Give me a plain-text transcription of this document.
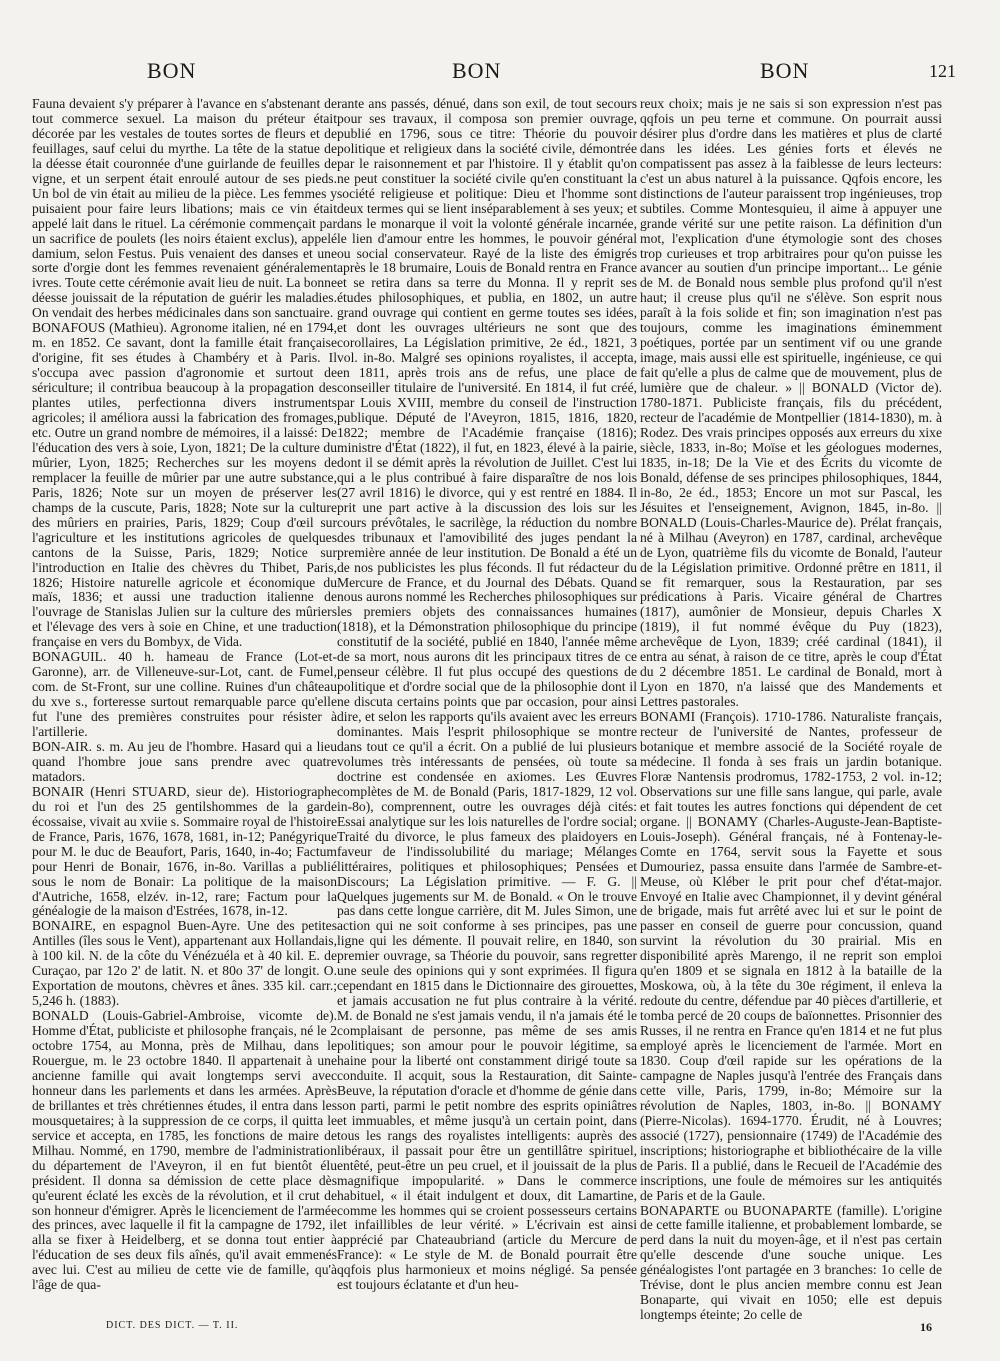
BON	BON	BON	121

Fauna devaient s'y préparer à l'avance en s'abstenant de tout commerce sexuel. La maison du préteur était décorée par les vestales de toutes sortes de fleurs et de feuillages, sauf celui du myrthe. La tête de la statue de la déesse était couronnée d'une guirlande de feuilles de vigne, et un serpent était enroulé autour de ses pieds. Un bol de vin était au milieu de la pièce. Les femmes y puisaient pour faire leurs libations; mais ce vin était appelé lait dans le rituel. La cérémonie commençait par un sacrifice de poulets (les noirs étaient exclus), appelé damium, selon Festus. Puis venaient des danses et une sorte d'orgie dont les femmes revenaient généralement ivres. Toute cette cérémonie avait lieu de nuit. La bonne déesse jouissait de la réputation de guérir les maladies. On vendait des herbes médicinales dans son sanctuaire.

BONAFOUS (Mathieu). Agronome italien, né en 1794, m. en 1852. Ce savant, dont la famille était française d'origine, fit ses études à Chambéry et à Paris. Il s'occupa avec passion d'agronomie et surtout de sériculture; il contribua beaucoup à la propagation des plantes utiles, perfectionna divers instruments agricoles; il améliora aussi la fabrication des fromages, etc. Outre un grand nombre de mémoires, il a laissé: De l'éducation des vers à soie, Lyon, 1821; De la culture du mûrier, Lyon, 1825; Recherches sur les moyens de remplacer la feuille de mûrier par une autre substance, Paris, 1826; Note sur un moyen de préserver les champs de la cuscute, Paris, 1828; Note sur la culture des mûriers en prairies, Paris, 1829; Coup d'œil sur l'agriculture et les institutions agricoles de quelques cantons de la Suisse, Paris, 1829; Notice sur l'introduction en Italie des chèvres du Thibet, Paris, 1826; Histoire naturelle agricole et économique du maïs, 1836; et aussi une traduction italienne de l'ouvrage de Stanislas Julien sur la culture des mûriers et l'élevage des vers à soie en Chine, et une traduction française en vers du Bombyx, de Vida.

BONAGUIL. 40 h. hameau de France (Lot-et-Garonne), arr. de Villeneuve-sur-Lot, cant. de Fumel, com. de St-Front, sur une colline. Ruines d'un château du xve s., forteresse surtout remarquable parce qu'elle fut l'une des premières construites pour résister à l'artillerie.

BON-AIR. s. m. Au jeu de l'hombre. Hasard qui a lieu quand l'hombre joue sans prendre avec quatre matadors.

BONAIR (Henri STUARD, sieur de). Historiographe du roi et l'un des 25 gentilshommes de la garde écossaise, vivait au xviie s. Sommaire royal de l'histoire de France, Paris, 1676, 1678, 1681, in-12; Panégyrique pour M. le duc de Beaufort, Paris, 1640, in-4o; Factum pour Henri de Bonair, 1676, in-8o. Varillas a publié sous le nom de Bonair: La politique de la maison d'Autriche, 1658, elzév. in-12, rare; Factum pour la généalogie de la maison d'Estrées, 1678, in-12.

BONAIRE, en espagnol Buen-Ayre. Une des petites Antilles (îles sous le Vent), appartenant aux Hollandais, à 100 kil. N. de la côte du Vénézuéla et à 40 kil. E. de Curaçao, par 12o 2' de latit. N. et 80o 37' de longit. O. Exportation de moutons, chèvres et ânes. 335 kil. carr.; 5,246 h. (1883).

BONALD (Louis-Gabriel-Ambroise, vicomte de). Homme d'État, publiciste et philosophe français, né le 2 octobre 1754, au Monna, près de Milhau, dans le Rouergue, m. le 23 octobre 1840. Il appartenait à une ancienne famille qui avait longtemps servi avec honneur dans les parlements et dans les armées. Après de brillantes et très chrétiennes études, il entra dans les mousquetaires; à la suppression de ce corps, il quitta le service et accepta, en 1785, les fonctions de maire de Milhau. Nommé, en 1790, membre de l'administration du département de l'Aveyron, il en fut bientôt élu président. Il donna sa démission de cette place dès qu'eurent éclaté les excès de la révolution, et il crut de son honneur d'émigrer. Après le licenciement de l'armée des princes, avec laquelle il fit la campagne de 1792, il alla se fixer à Heidelberg, et se donna tout entier à l'éducation de ses deux fils aînés, qu'il avait emmenés avec lui. C'est au milieu de cette vie de famille, qu'à l'âge de qua-

rante ans passés, dénué, dans son exil, de tout secours pour ses travaux, il composa son premier ouvrage, publié en 1796, sous ce titre: Théorie du pouvoir politique et religieux dans la société civile, démontrée par le raisonnement et par l'histoire. Il y établit qu'on ne peut constituer la société civile qu'en constituant la société religieuse et politique: Dieu et l'homme sont deux termes qui se lient inséparablement à ses yeux; et dans le monarque il voit la volonté générale incarnée, le lien d'amour entre les hommes, le pouvoir général ou social conservateur. Rayé de la liste des émigrés après le 18 brumaire, Louis de Bonald rentra en France et se retira dans sa terre du Monna. Il y reprit ses études philosophiques, et publia, en 1802, un autre grand ouvrage qui contient en germe toutes ses idées, et dont les ouvrages ultérieurs ne sont que des corollaires, La Législation primitive, 2e éd., 1821, 3 vol. in-8o. Malgré ses opinions royalistes, il accepta, en 1811, après trois ans de refus, une place de conseiller titulaire de l'université. En 1814, il fut créé, par Louis XVIII, membre du conseil de l'instruction publique. Député de l'Aveyron, 1815, 1816, 1820, 1822; membre de l'Académie française (1816); ministre d'État (1822), il fut, en 1823, élevé à la pairie, dont il se démit après la révolution de Juillet. C'est lui qui a le plus contribué à faire disparaître de nos lois (27 avril 1816) le divorce, qui y est rentré en 1884. Il prit une part active à la discussion des lois sur les cours prévôtales, le sacrilège, la réduction du nombre des tribunaux et l'amovibilité des juges pendant la première année de leur institution. De Bonald a été un de nos publicistes les plus féconds. Il fut rédacteur du Mercure de France, et du Journal des Débats. Quand nous aurons nommé les Recherches philosophiques sur les premiers objets des connaissances humaines (1818), et la Démonstration philosophique du principe constitutif de la société, publié en 1840, l'année même de sa mort, nous aurons dit les principaux titres de ce penseur célèbre. Il fut plus occupé des questions de politique et d'ordre social que de la philosophie dont il ne discuta certains points que par occasion, pour ainsi dire, et selon les rapports qu'ils avaient avec les erreurs dominantes. Mais l'esprit philosophique se montre dans tout ce qu'il a écrit. On a publié de lui plusieurs volumes très intéressants de pensées, où toute sa doctrine est condensée en axiomes. Les Œuvres complètes de M. de Bonald (Paris, 1817-1829, 12 vol. in-8o), comprennent, outre les ouvrages déjà cités: Essai analytique sur les lois naturelles de l'ordre social; Traité du divorce, le plus fameux des plaidoyers en faveur de l'indissolubilité du mariage; Mélanges littéraires, politiques et philosophiques; Pensées et Discours; La Législation primitive. — F. G. || Quelques jugements sur M. de Bonald. « On le trouve pas dans cette longue carrière, dit M. Jules Simon, une action qui ne soit conforme à ses principes, pas une ligne qui les démente. Il pouvait relire, en 1840, son premier ouvrage, sa Théorie du pouvoir, sans regretter une seule des opinions qui y sont exprimées. Il figura cependant en 1815 dans le Dictionnaire des girouettes, et jamais accusation ne fut plus contraire à la vérité. M. de Bonald ne s'est jamais vendu, il n'a jamais été le complaisant de personne, pas même de ses amis politiques; son amour pour le pouvoir légitime, sa haine pour la liberté ont constamment dirigé toute sa conduite. Il acquit, sous la Restauration, dit Sainte-Beuve, la réputation d'oracle et d'homme de génie dans son parti, parmi le petit nombre des esprits opiniâtres et immuables, et même jusqu'à un certain point, dans tous les rangs des royalistes intelligents: auprès des libéraux, il passait pour être un gentillâtre spirituel, entêté, peut-être un peu cruel, et il jouissait de la plus magnifique impopularité. » Dans le commerce habituel, « il était indulgent et doux, dit Lamartine, comme les hommes qui se croient possesseurs certains et infaillibles de leur vérité. » L'écrivain est ainsi apprécié par Chateaubriand (article du Mercure de France): « Le style de M. de Bonald pourrait être qqfois plus harmonieux et moins négligé. Sa pensée est toujours éclatante et d'un heu-

reux choix; mais je ne sais si son expression n'est pas qqfois un peu terne et commune. On pourrait aussi désirer plus d'ordre dans les matières et plus de clarté dans les idées. Les génies forts et élevés ne compatissent pas assez à la faiblesse de leurs lecteurs: c'est un abus naturel à la puissance. Qqfois encore, les distinctions de l'auteur paraissent trop ingénieuses, trop subtiles. Comme Montesquieu, il aime à appuyer une grande vérité sur une petite raison. La définition d'un mot, l'explication d'une étymologie sont des choses trop curieuses et trop arbitraires pour qu'on puisse les avancer au soutien d'un principe important... Le génie de M. de Bonald nous semble plus profond qu'il n'est haut; il creuse plus qu'il ne s'élève. Son esprit nous paraît à la fois solide et fin; son imagination n'est pas toujours, comme les imaginations éminemment poétiques, portée par un sentiment vif ou une grande image, mais aussi elle est spirituelle, ingénieuse, ce qui fait qu'elle a plus de calme que de mouvement, plus de lumière que de chaleur. » || BONALD (Victor de). 1780-1871. Publiciste français, fils du précédent, recteur de l'académie de Montpellier (1814-1830), m. à Rodez. Des vrais principes opposés aux erreurs du xixe siècle, 1833, in-8o; Moïse et les géologues modernes, 1835, in-18; De la Vie et des Écrits du vicomte de Bonald, défense de ses principes philosophiques, 1844, in-8o, 2e éd., 1853; Encore un mot sur Pascal, les Jésuites et l'enseignement, Avignon, 1845, in-8o. || BONALD (Louis-Charles-Maurice de). Prélat français, né à Milhau (Aveyron) en 1787, cardinal, archevêque de Lyon, quatrième fils du vicomte de Bonald, l'auteur de la Législation primitive. Ordonné prêtre en 1811, il se fit remarquer, sous la Restauration, par ses prédications à Paris. Vicaire général de Chartres (1817), aumônier de Monsieur, depuis Charles X (1819), il fut nommé évêque du Puy (1823), archevêque de Lyon, 1839; créé cardinal (1841), il entra au sénat, à raison de ce titre, après le coup d'État du 2 décembre 1851. Le cardinal de Bonald, mort à Lyon en 1870, n'a laissé que des Mandements et Lettres pastorales.

BONAMI (François). 1710-1786. Naturaliste français, recteur de l'université de Nantes, professeur de botanique et membre associé de la Société royale de médecine. Il fonda à ses frais un jardin botanique. Floræ Nantensis prodromus, 1782-1753, 2 vol. in-12; Observations sur une fille sans langue, qui parle, avale et fait toutes les autres fonctions qui dépendent de cet organe. || BONAMY (Charles-Auguste-Jean-Baptiste-Louis-Joseph). Général français, né à Fontenay-le-Comte en 1764, servit sous la Fayette et sous Dumouriez, passa ensuite dans l'armée de Sambre-et-Meuse, où Kléber le prit pour chef d'état-major. Envoyé en Italie avec Championnet, il y devint général de brigade, mais fut arrêté avec lui et sur le point de passer en conseil de guerre pour concussion, quand survint la révolution du 30 prairial. Mis en disponibilité après Marengo, il ne reprit son emploi qu'en 1809 et se signala en 1812 à la bataille de la Moskowa, où, à la tête du 30e régiment, il enleva la redoute du centre, défendue par 40 pièces d'artillerie, et tomba percé de 20 coups de baïonnettes. Prisonnier des Russes, il ne rentra en France qu'en 1814 et ne fut plus employé après le licenciement de l'armée. Mort en 1830. Coup d'œil rapide sur les opérations de la campagne de Naples jusqu'à l'entrée des Français dans cette ville, Paris, 1799, in-8o; Mémoire sur la révolution de Naples, 1803, in-8o. || BONAMY (Pierre-Nicolas). 1694-1770. Érudit, né à Louvres; associé (1727), pensionnaire (1749) de l'Académie des inscriptions; historiographe et bibliothécaire de la ville de Paris. Il a publié, dans le Recueil de l'Académie des inscriptions, une foule de mémoires sur les antiquités de Paris et de la Gaule.

BONAPARTE ou BUONAPARTE (famille). L'origine de cette famille italienne, et probablement lombarde, se perd dans la nuit du moyen-âge, et il n'est pas certain qu'elle descende d'une souche unique. Les généalogistes l'ont partagée en 3 branches: 1o celle de Trévise, dont le plus ancien membre connu est Jean Bonaparte, qui vivait en 1050; elle est depuis longtemps éteinte; 2o celle de

DICT. DES DICT. — T. II.	16
